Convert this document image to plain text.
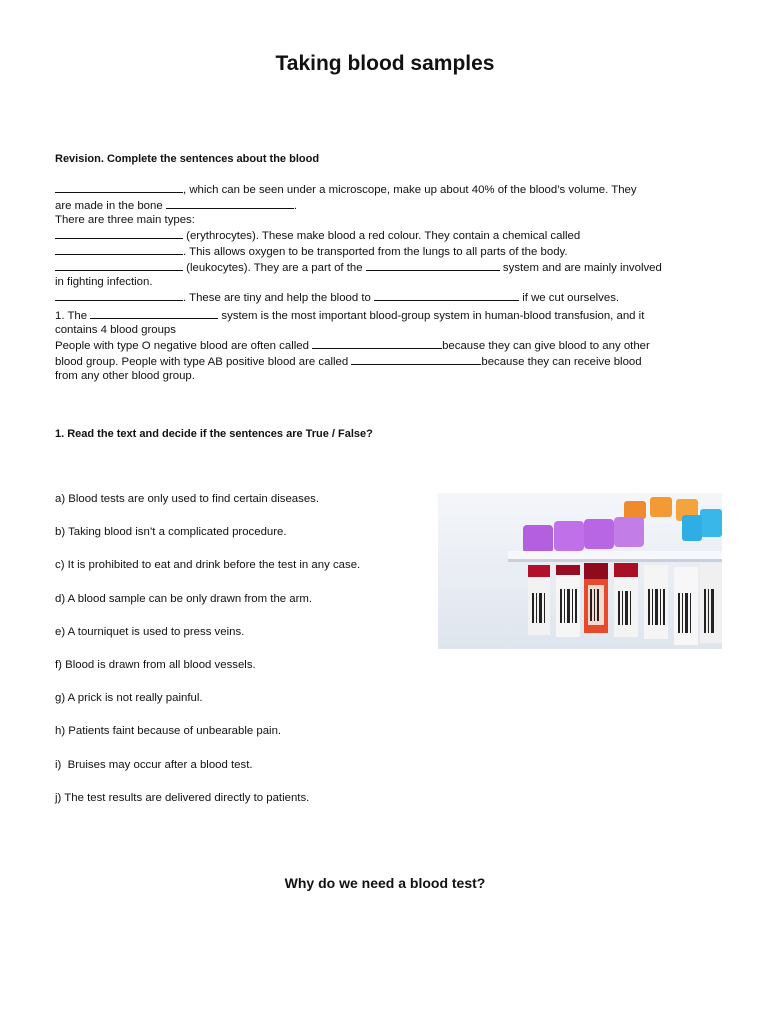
Taking blood samples
Revision. Complete the sentences about the blood
, which can be seen under a microscope, make up about 40% of the blood’s volume. They
are made in the bone	.
There are three main types:
(erythrocytes). These make blood a red colour. They contain a chemical called
. This allows oxygen to be transported from the lungs to all parts of the body.
(leukocytes). They are a part of the	system and are mainly involved
in fighting infection.
. These are tiny and help the blood to	if we cut ourselves.
1. The	system is the most important blood-group system in human-blood transfusion, and it
contains 4 blood groups
People with type O negative blood are often called	because they can give blood to any other
blood group. People with type AB positive blood are called	because they can receive blood
from any other blood group.
1. Read the text and decide if the sentences are True / False?
a) Blood tests are only used to find certain diseases.
b) Taking blood isn’t a complicated procedure.
c) It is prohibited to eat and drink before the test in any case.
d) A blood sample can be only drawn from the arm.
e) A tourniquet is used to press veins.
f) Blood is drawn from all blood vessels.
g) A prick is not really painful.
h) Patients faint because of unbearable pain.
i)  Bruises may occur after a blood test.
j) The test results are delivered directly to patients.
Why do we need a blood test?
